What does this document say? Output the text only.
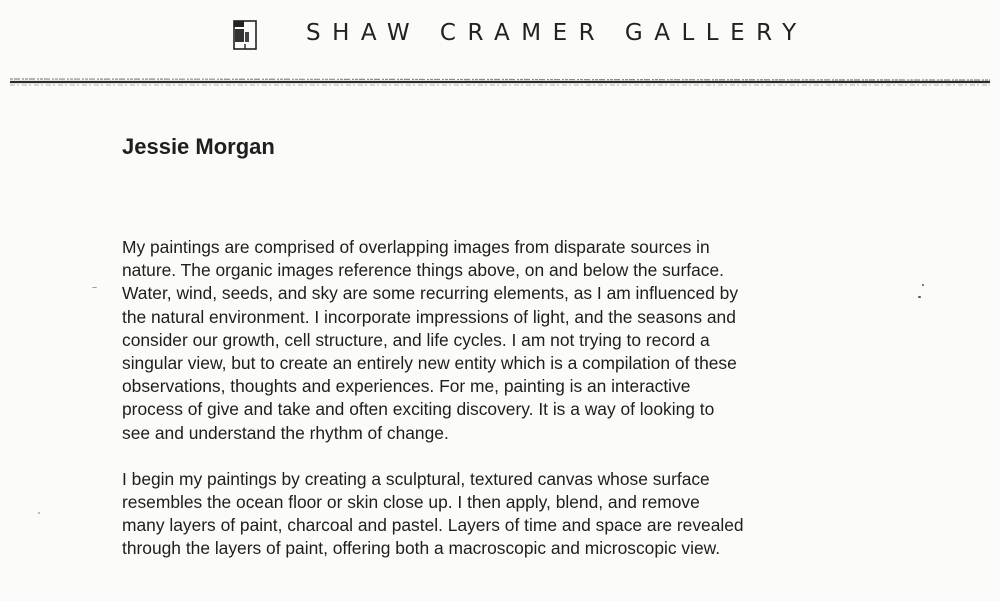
SHAW CRAMER GALLERY
Jessie Morgan

My paintings are comprised of overlapping images from disparate sources in
nature. The organic images reference things above, on and below the surface.
Water, wind, seeds, and sky are some recurring elements, as I am influenced by
the natural environment. I incorporate impressions of light, and the seasons and
consider our growth, cell structure, and life cycles. I am not trying to record a
singular view, but to create an entirely new entity which is a compilation of these
observations, thoughts and experiences. For me, painting is an interactive
process of give and take and often exciting discovery. It is a way of looking to
see and understand the rhythm of change.

I begin my paintings by creating a sculptural, textured canvas whose surface
resembles the ocean floor or skin close up. I then apply, blend, and remove
many layers of paint, charcoal and pastel. Layers of time and space are revealed
through the layers of paint, offering both a macroscopic and microscopic view.
